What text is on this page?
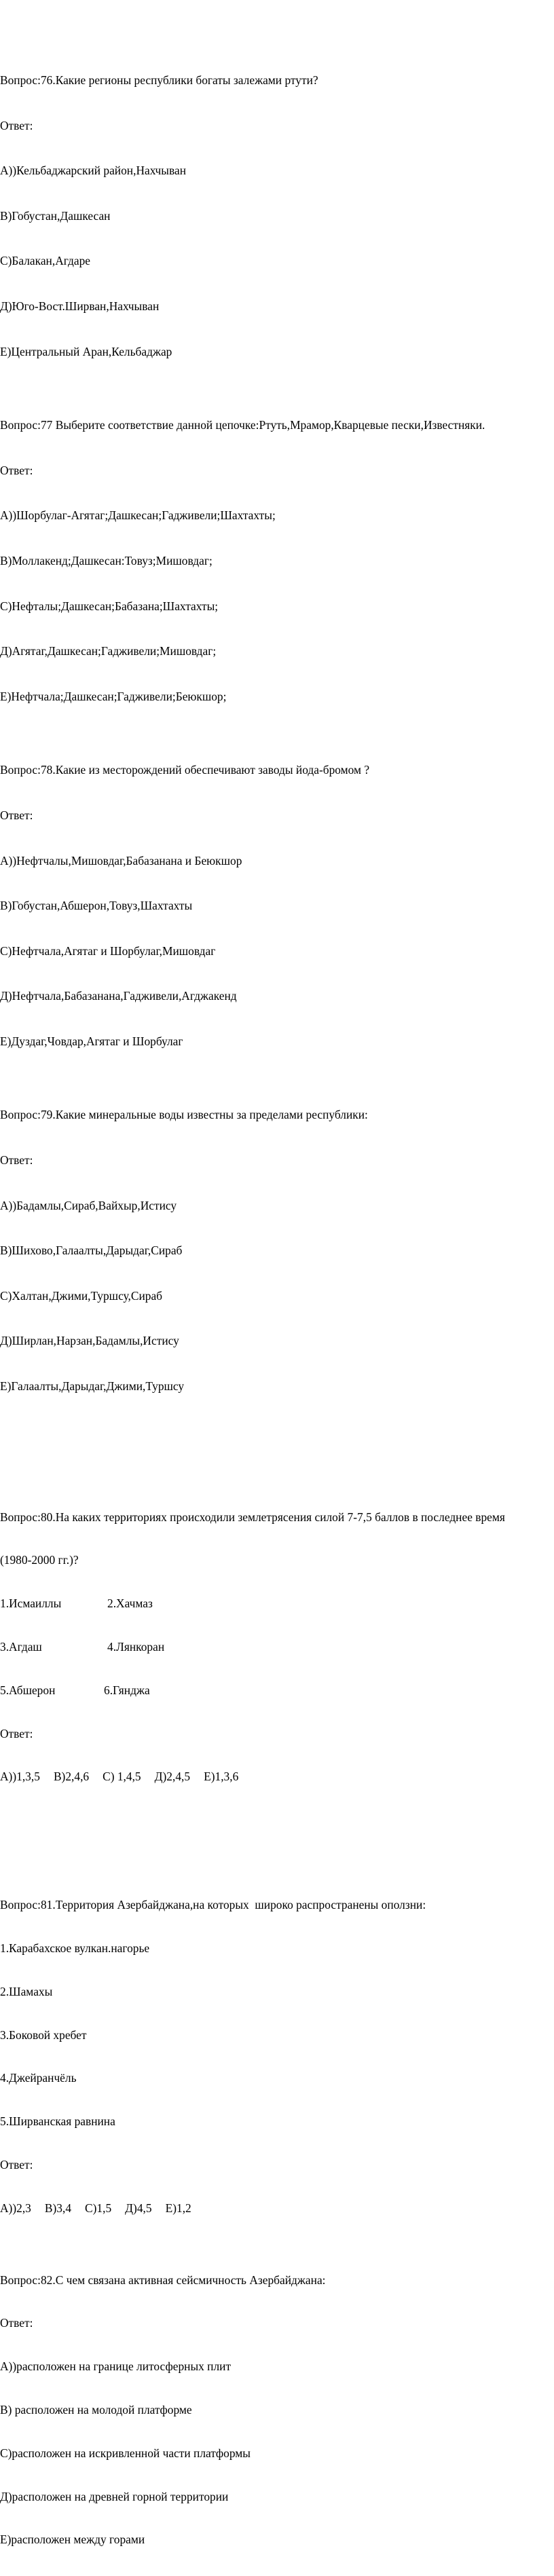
Вопрос:76.Какие регионы республики богаты залежами ртути?

Ответ:

А))Кельбаджарский район,Нахчыван

В)Гобустан,Дашкесан

С)Балакан,Агдаре

Д)Юго-Вост.Ширван,Нахчыван

Е)Центральный Аран,Кельбаджар

Вопрос:77 Выберите соответствие данной цепочке:Ртуть,Мрамор,Кварцевые пески,Известняки.

Ответ:

А))Шорбулаг-Агятаг;Дашкесан;Гадживели;Шахтахты;

В)Моллакенд;Дашкесан:Товуз;Мишовдаг;

С)Нефталы;Дашкесан;Бабазана;Шахтахты;

Д)Агятаг,Дашкесан;Гадживели;Мишовдаг;

Е)Нефтчала;Дашкесан;Гадживели;Беюкшор;

Вопрос:78.Какие из месторождений обеспечивают заводы йода-бромом ?

Ответ:

А))Нефтчалы,Мишовдаг,Бабазанана и Беюкшор

В)Гобустан,Абшерон,Товуз,Шахтахты

С)Нефтчала,Агятаг и Шорбулаг,Мишовдаг

Д)Нефтчала,Бабазанана,Гадживели,Агджакенд

Е)Дуздаг,Човдар,Агятаг и Шорбулаг

Вопрос:79.Какие минеральные воды известны за пределами республики:

Ответ:

А))Бадамлы,Сираб,Вайхыр,Истису

В)Шихово,Галаалты,Дарыдаг,Сираб

С)Халтан,Джими,Туршсу,Сираб

Д)Ширлан,Нарзан,Бадамлы,Истису

Е)Галаалты,Дарыдаг,Джими,Туршсу

Вопрос:80.На каких территориях происходили землетрясения силой 7-7,5 баллов в последнее время

(1980-2000 гг.)?

1.Исмаиллы	2.Хачмаз

3.Агдаш	4.Лянкоран

5.Абшерон	6.Гянджа

Ответ:

А))1,3,5 В)2,4,6 С) 1,4,5 Д)2,4,5 Е)1,3,6

Вопрос:81.Территория Азербайджана,на которых  широко распространены оползни:

1.Карабахское вулкан.нагорье

2.Шамахы

3.Боковой хребет

4.Джейранчёль

5.Ширванская равнина

Ответ:

А))2,3 В)3,4 С)1,5 Д)4,5 Е)1,2

Вопрос:82.С чем связана активная сейсмичность Азербайджана:

Ответ:

А))расположен на границе литосферных плит

В) расположен на молодой платформе

С)расположен на искривленной части платформы

Д)расположен на древней горной территории

Е)расположен между горами
